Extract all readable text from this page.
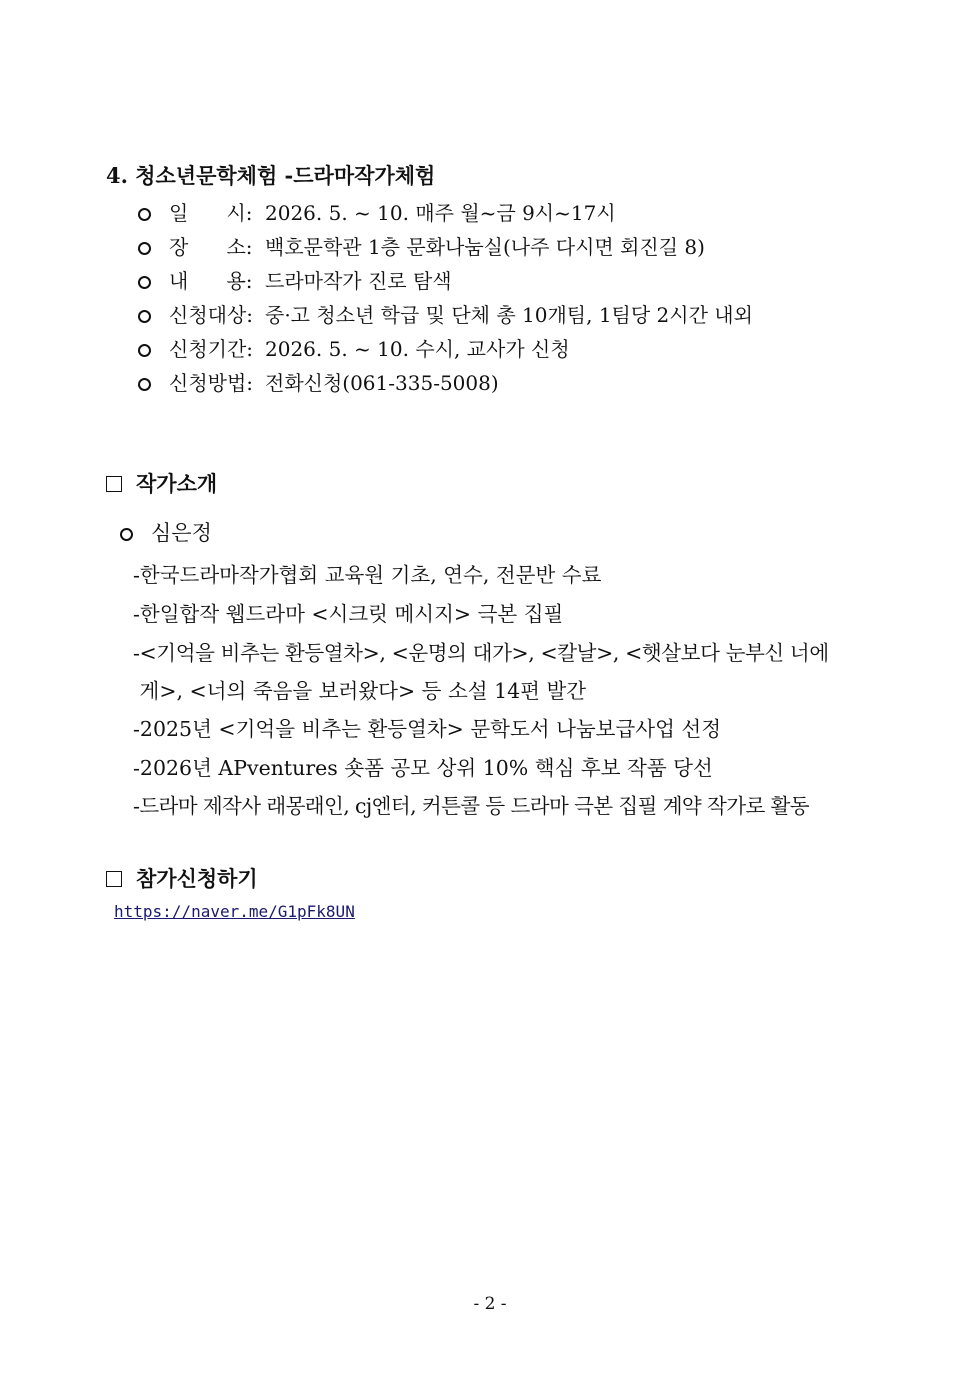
4. 청소년문학체험 -드라마작가체험
일      시: 2026. 5. ~ 10. 매주 월~금 9시~17시
장      소: 백호문학관 1층 문화나눔실(나주 다시면 회진길 8)
내      용: 드라마작가 진로 탐색
신청대상: 중·고 청소년 학급 및 단체 총 10개팀, 1팀당 2시간 내외
신청기간: 2026. 5. ~ 10. 수시, 교사가 신청
신청방법: 전화신청(061-335-5008)
작가소개
심은정
-한국드라마작가협회 교육원 기초, 연수, 전문반 수료
-한일합작 웹드라마 <시크릿 메시지> 극본 집필
-<기억을 비추는 환등열차>, <운명의 대가>, <칼날>, <햇살보다 눈부신 너에
게>, <너의 죽음을 보러왔다> 등 소설 14편 발간
-2025년 <기억을 비추는 환등열차> 문학도서 나눔보급사업 선정
-2026년 APventures 숏폼 공모 상위 10% 핵심 후보 작품 당선
-드라마 제작사 래몽래인, cj엔터, 커튼콜 등 드라마 극본 집필 계약 작가로 활동
참가신청하기
https://naver.me/G1pFk8UN
- 2 -
